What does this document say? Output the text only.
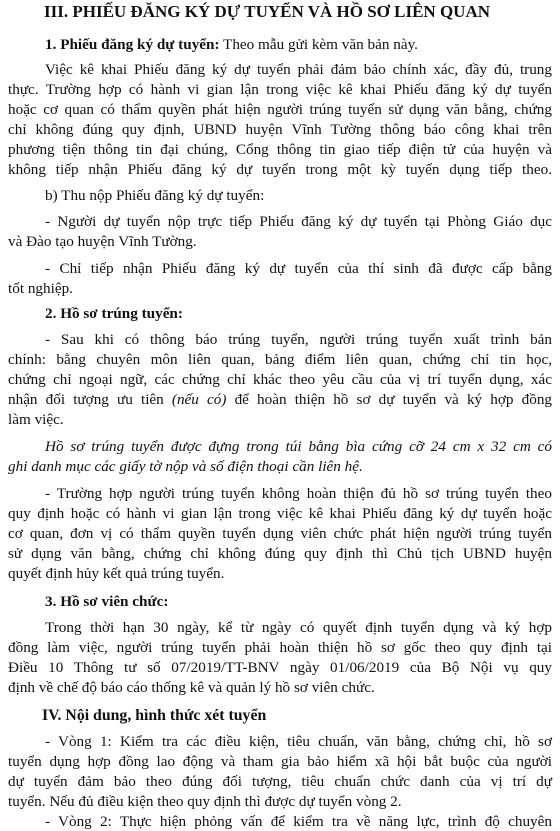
III. PHIẾU ĐĂNG KÝ DỰ TUYỂN VÀ HỒ SƠ LIÊN QUAN
1. Phiếu đăng ký dự tuyển: Theo mẫu gửi kèm văn bản này.
Việc kê khai Phiếu đăng ký dự tuyển phải đảm bảo chính xác, đầy đủ, trung
thực. Trường hợp có hành vi gian lận trong việc kê khai Phiếu đăng ký dự tuyển
hoặc cơ quan có thẩm quyền phát hiện người trúng tuyển sử dụng văn bằng, chứng
chỉ không đúng quy định, UBND huyện Vĩnh Tường thông báo công khai trên
phương tiện thông tin đại chúng, Cổng thông tin giao tiếp điện tử của huyện và
không tiếp nhận Phiếu đăng ký dự tuyển trong một kỳ tuyển dụng tiếp theo.
b) Thu nộp Phiếu đăng ký dự tuyển:
- Người dự tuyển nộp trực tiếp Phiếu đăng ký dự tuyển tại Phòng Giáo dục
và Đào tạo huyện Vĩnh Tường.
- Chỉ tiếp nhận Phiếu đăng ký dự tuyển của thí sinh đã được cấp bằng
tốt nghiệp.
2. Hồ sơ trúng tuyển:
- Sau khi có thông báo trúng tuyển, người trúng tuyển xuất trình bản
chính: bằng chuyên môn liên quan, bảng điểm liên quan, chứng chỉ tin học,
chứng chỉ ngoại ngữ, các chứng chỉ khác theo yêu cầu của vị trí tuyển dụng, xác
nhận đối tượng ưu tiên (nếu có) để hoàn thiện hồ sơ dự tuyển và ký hợp đồng
làm việc.
Hồ sơ trúng tuyển được đựng trong túi bằng bìa cứng cỡ 24 cm x 32 cm có
ghi danh mục các giấy tờ nộp và số điện thoại cần liên hệ.
- Trường hợp người trúng tuyển không hoàn thiện đủ hồ sơ trúng tuyển theo
quy định hoặc có hành vi gian lận trong việc kê khai Phiếu đăng ký dự tuyển hoặc
cơ quan, đơn vị có thẩm quyền tuyển dụng viên chức phát hiện người trúng tuyển
sử dụng văn bằng, chứng chỉ không đúng quy định thì Chủ tịch UBND huyện
quyết định hủy kết quả trúng tuyển.
3. Hồ sơ viên chức:
Trong thời hạn 30 ngày, kể từ ngày có quyết định tuyển dụng và ký hợp
đồng làm việc, người trúng tuyển phải hoàn thiện hồ sơ gốc theo quy định tại
Điều 10 Thông tư số 07/2019/TT-BNV ngày 01/06/2019 của Bộ Nội vụ quy
định về chế độ báo cáo thống kê và quản lý hồ sơ viên chức.
IV. Nội dung, hình thức xét tuyển
- Vòng 1: Kiểm tra các điều kiện, tiêu chuẩn, văn bằng, chứng chỉ, hồ sơ
tuyển dụng hợp đồng lao động và tham gia bảo hiểm xã hội bắt buộc của người
dự tuyển đảm bảo theo đúng đối tượng, tiêu chuẩn chức danh của vị trí dự
tuyển. Nếu đủ điều kiện theo quy định thì được dự tuyển vòng 2.
- Vòng 2: Thực hiện phỏng vấn để kiểm tra về năng lực, trình độ chuyên
